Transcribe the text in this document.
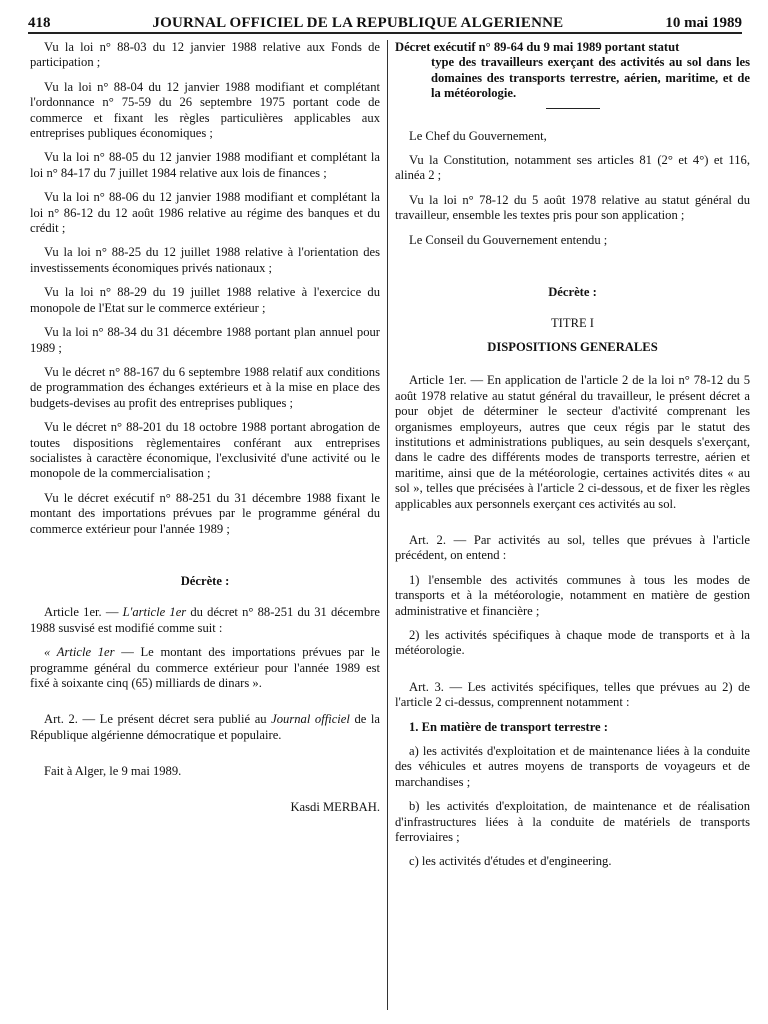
418	JOURNAL OFFICIEL DE LA REPUBLIQUE ALGERIENNE	10 mai 1989

Vu la loi n° 88-03 du 12 janvier 1988 relative aux Fonds de participation ;

Vu la loi n° 88-04 du 12 janvier 1988 modifiant et complétant l'ordonnance n° 75-59 du 26 septembre 1975 portant code de commerce et fixant les règles particulières applicables aux entreprises publiques économiques ;

Vu la loi n° 88-05 du 12 janvier 1988 modifiant et complétant la loi n° 84-17 du 7 juillet 1984 relative aux lois de finances ;

Vu la loi n° 88-06 du 12 janvier 1988 modifiant et complétant la loi n° 86-12 du 12 août 1986 relative au régime des banques et du crédit ;

Vu la loi n° 88-25 du 12 juillet 1988 relative à l'orientation des investissements économiques privés nationaux ;

Vu la loi n° 88-29 du 19 juillet 1988 relative à l'exercice du monopole de l'Etat sur le commerce extérieur ;

Vu la loi n° 88-34 du 31 décembre 1988 portant plan annuel pour 1989 ;

Vu le décret n° 88-167 du 6 septembre 1988 relatif aux conditions de programmation des échanges extérieurs et à la mise en place des budgets-devises au profit des entreprises publiques ;

Vu le décret n° 88-201 du 18 octobre 1988 portant abrogation de toutes dispositions règlementaires conférant aux entreprises socialistes à caractère économique, l'exclusivité d'une activité ou le monopole de la commercialisation ;

Vu le décret exécutif n° 88-251 du 31 décembre 1988 fixant le montant des importations prévues par le programme général du commerce extérieur pour l'année 1989 ;

Décrète :

Article 1er. — L'article 1er du décret n° 88-251 du 31 décembre 1988 susvisé est modifié comme suit :

« Article 1er — Le montant des importations prévues par le programme général du commerce extérieur pour l'année 1989 est fixé à soixante cinq (65) milliards de dinars ».

Art. 2. — Le présent décret sera publié au Journal officiel de la République algérienne démocratique et populaire.

Fait à Alger, le 9 mai 1989.

Kasdi MERBAH.

Décret exécutif n° 89-64 du 9 mai 1989 portant statut
type des travailleurs exerçant des activités au sol dans les domaines des transports terrestre, aérien, maritime, et de la météorologie.

Le Chef du Gouvernement,

Vu la Constitution, notamment ses articles 81 (2° et 4°) et 116, alinéa 2 ;

Vu la loi n° 78-12 du 5 août 1978 relative au statut général du travailleur, ensemble les textes pris pour son application ;

Le Conseil du Gouvernement entendu ;

Décrète :

TITRE I

DISPOSITIONS GENERALES

Article 1er. — En application de l'article 2 de la loi n° 78-12 du 5 août 1978 relative au statut général du travailleur, le présent décret a pour objet de déterminer le secteur d'activité comprenant les organismes employeurs, autres que ceux régis par le statut des institutions et administrations publiques, au sein desquels s'exerçant, dans le cadre des différents modes de transports terrestre, aérien et maritime, ainsi que de la météorologie, certaines activités dites « au sol », telles que précisées à l'article 2 ci-dessous, et de fixer les règles applicables aux personnels exerçant ces activités au sol.

Art. 2. — Par activités au sol, telles que prévues à l'article précédent, on entend :

1) l'ensemble des activités communes à tous les modes de transports et à la météorologie, notamment en matière de gestion administrative et financière ;

2) les activités spécifiques à chaque mode de transports et à la météorologie.

Art. 3. — Les activités spécifiques, telles que prévues au 2) de l'article 2 ci-dessus, comprennent notamment :

1. En matière de transport terrestre :

a) les activités d'exploitation et de maintenance liées à la conduite des véhicules et autres moyens de transports de voyageurs et de marchandises ;

b) les activités d'exploitation, de maintenance et de réalisation d'infrastructures liées à la conduite de matériels de transports ferroviaires ;

c) les activités d'études et d'engineering.
